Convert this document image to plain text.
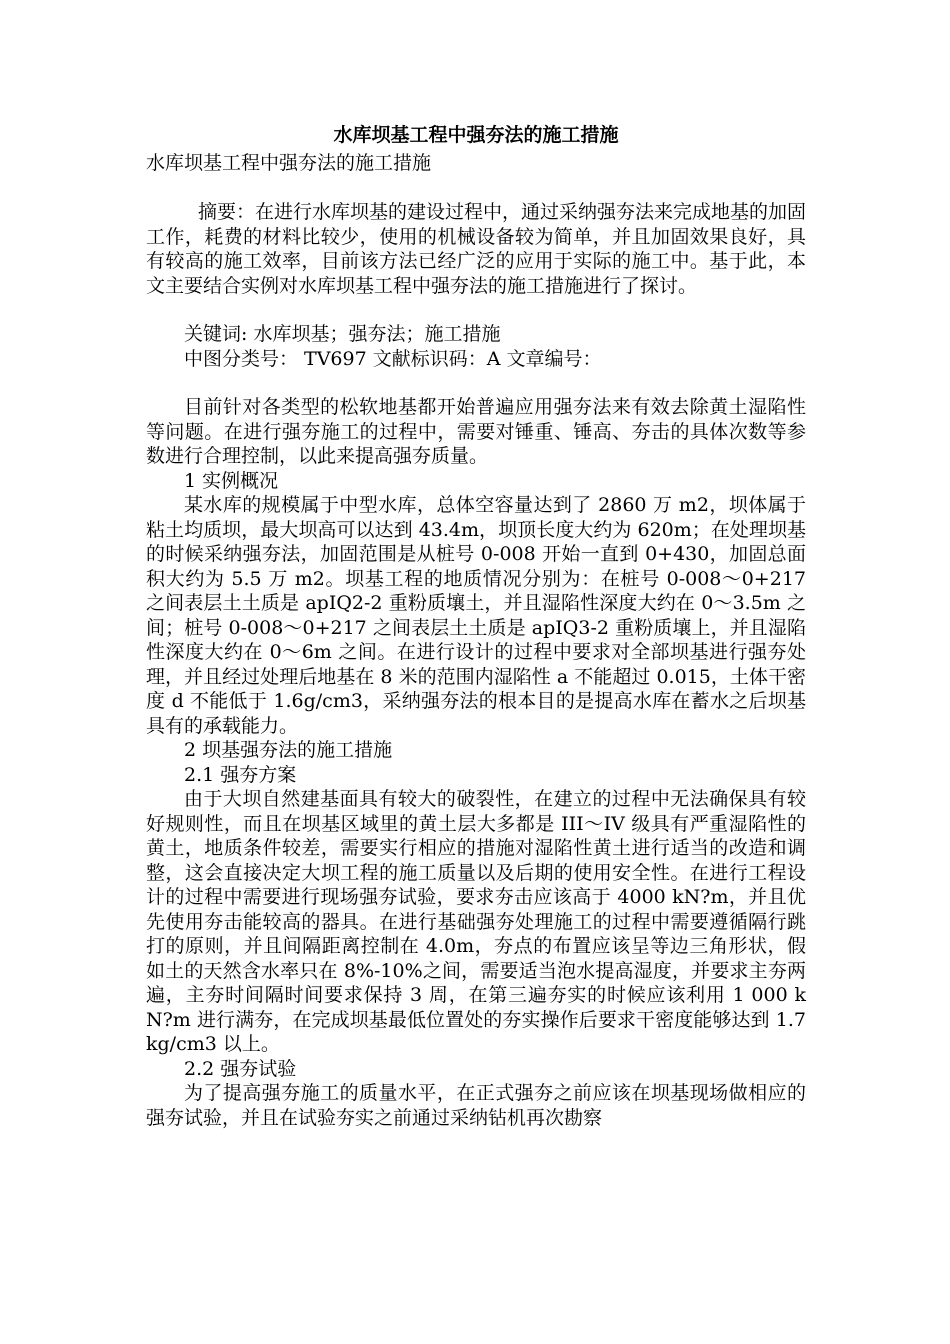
水库坝基工程中强夯法的施工措施
水库坝基工程中强夯法的施工措施

摘要：在进行水库坝基的建设过程中，通过采纳强夯法来完成地基的加固工作，耗费的材料比较少，使用的机械设备较为简单，并且加固效果良好，具有较高的施工效率，目前该方法已经广泛的应用于实际的施工中。基于此，本文主要结合实例对水库坝基工程中强夯法的施工措施进行了探讨。

关键词: 水库坝基；强夯法；施工措施

中图分类号： TV697 文献标识码：A 文章编号：

目前针对各类型的松软地基都开始普遍应用强夯法来有效去除黄土湿陷性等问题。在进行强夯施工的过程中，需要对锤重、锤高、夯击的具体次数等参数进行合理控制，以此来提高强夯质量。

1 实例概况

某水库的规模属于中型水库，总体空容量达到了 2860 万 m2，坝体属于粘土均质坝，最大坝高可以达到 43.4m，坝顶长度大约为 620m；在处理坝基的时候采纳强夯法，加固范围是从桩号 0-008 开始一直到 0+430，加固总面积大约为 5.5 万 m2。坝基工程的地质情况分别为：在桩号 0-008～0+217 之间表层土土质是 apIQ2-2 重粉质壤土，并且湿陷性深度大约在 0～3.5m 之间；桩号 0-008～0+217 之间表层土土质是 apIQ3-2 重粉质壤上，并且湿陷性深度大约在 0～6m 之间。在进行设计的过程中要求对全部坝基进行强夯处理，并且经过处理后地基在 8 米的范围内湿陷性 a 不能超过 0.015，土体干密度 d 不能低于 1.6g/cm3，采纳强夯法的根本目的是提高水库在蓄水之后坝基具有的承载能力。

2 坝基强夯法的施工措施

2.1 强夯方案

由于大坝自然建基面具有较大的破裂性，在建立的过程中无法确保具有较好规则性，而且在坝基区域里的黄土层大多都是 III～IV 级具有严重湿陷性的黄土，地质条件较差，需要实行相应的措施对湿陷性黄土进行适当的改造和调整，这会直接决定大坝工程的施工质量以及后期的使用安全性。在进行工程设计的过程中需要进行现场强夯试验，要求夯击应该高于 4000 kN?m，并且优先使用夯击能较高的器具。在进行基础强夯处理施工的过程中需要遵循隔行跳打的原则，并且间隔距离控制在 4.0m，夯点的布置应该呈等边三角形状，假如土的天然含水率只在 8%-10%之间，需要适当泡水提高湿度，并要求主夯两遍，主夯时间隔时间要求保持 3 周，在第三遍夯实的时候应该利用 1 000 kN?m 进行满夯，在完成坝基最低位置处的夯实操作后要求干密度能够达到 1.7 kg/cm3 以上。

2.2 强夯试验

为了提高强夯施工的质量水平，在正式强夯之前应该在坝基现场做相应的强夯试验，并且在试验夯实之前通过采纳钻机再次勘察
